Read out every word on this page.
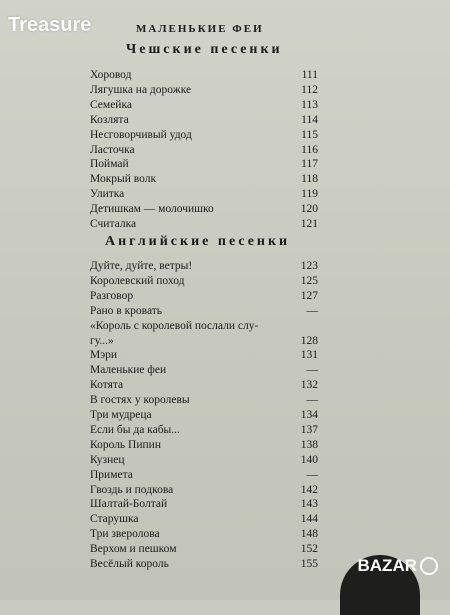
Treasure	МАЛЕНЬКИЕ ФЕИ
Чешские песенки
Хоровод	111
Лягушка на дорожке	112
Семейка	113
Козлята	114
Несговорчивый удод	115
Ласточка	116
Поймай	117
Мокрый волк	118
Улитка	119
Детишкам — молочишко	120
Считалка	121
Английские песенки
Дуйте, дуйте, ветры!	123
Королевский поход	125
Разговор	127
Рано в кровать	—
«Король с королевой послали слу-
гу...»	128
Мэри	131
Маленькие феи	—
Котята	132
В гостях у королевы	—
Три мудреца	134
Если бы да кабы...	137
Король Пипин	138
Кузнец	140
Примета	—
Гвоздь и подкова	142
Шалтай-Болтай	143
Старушка	144
Три зверолова	148
Верхом и пешком	152
Весёлый король	155 BAZAR
